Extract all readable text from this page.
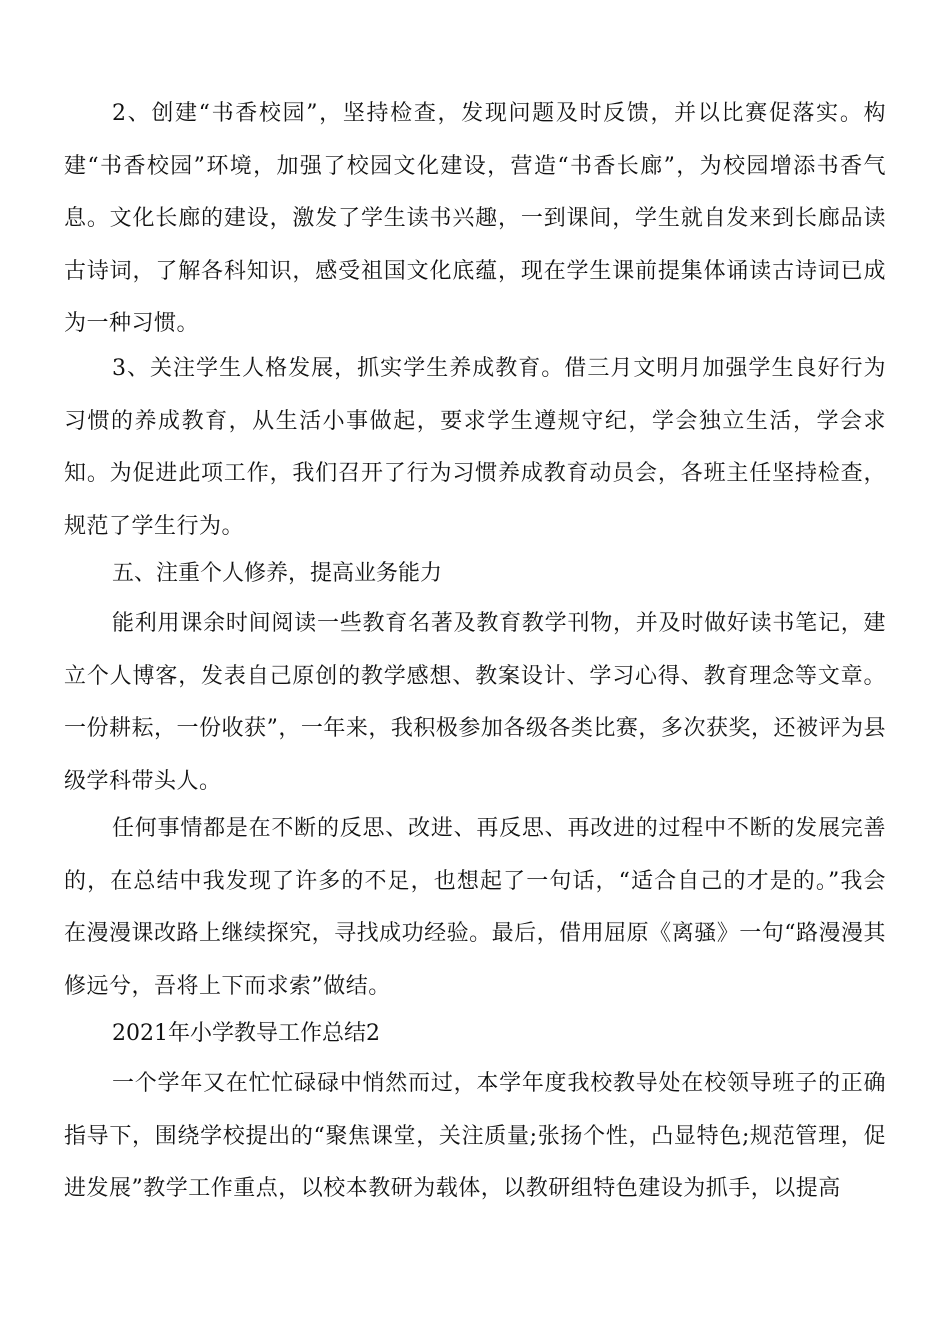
2、创建“书香校园”，坚持检查，发现问题及时反馈，并以比赛促落实。构建“书香校园”环境，加强了校园文化建设，营造“书香长廊”，为校园增添书香气息。文化长廊的建设，激发了学生读书兴趣，一到课间，学生就自发来到长廊品读古诗词，了解各科知识，感受祖国文化底蕴，现在学生课前提集体诵读古诗词已成为一种习惯。

3、关注学生人格发展，抓实学生养成教育。借三月文明月加强学生良好行为习惯的养成教育，从生活小事做起，要求学生遵规守纪，学会独立生活，学会求知。为促进此项工作，我们召开了行为习惯养成教育动员会，各班主任坚持检查，规范了学生行为。

五、注重个人修养，提高业务能力

能利用课余时间阅读一些教育名著及教育教学刊物，并及时做好读书笔记，建立个人博客，发表自己原创的教学感想、教案设计、学习心得、教育理念等文章。一份耕耘，一份收获”，一年来，我积极参加各级各类比赛，多次获奖，还被评为县级学科带头人。

任何事情都是在不断的反思、改进、再反思、再改进的过程中不断的发展完善的，在总结中我发现了许多的不足，也想起了一句话，“适合自己的才是的。”我会在漫漫课改路上继续探究，寻找成功经验。最后，借用屈原《离骚》一句“路漫漫其修远兮，吾将上下而求索”做结。

2021年小学教导工作总结2

一个学年又在忙忙碌碌中悄然而过，本学年度我校教导处在校领导班子的正确指导下，围绕学校提出的“聚焦课堂，关注质量;张扬个性，凸显特色;规范管理，促进发展”教学工作重点，以校本教研为载体，以教研组特色建设为抓手，以提高
